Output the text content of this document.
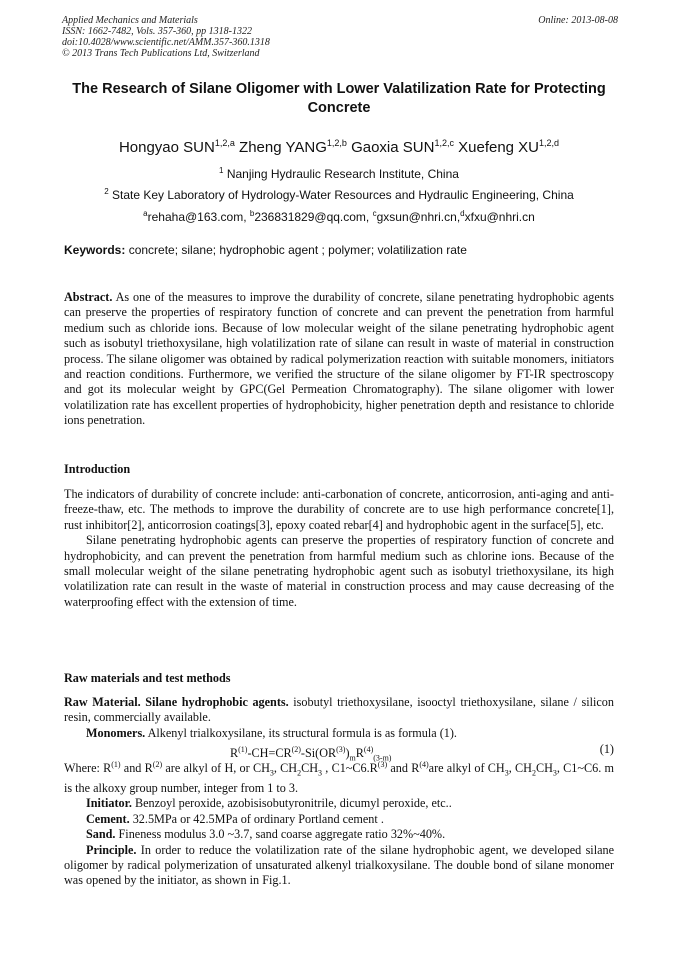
Applied Mechanics and Materials	Online: 2013-08-08
ISSN: 1662-7482, Vols. 357-360, pp 1318-1322
doi:10.4028/www.scientific.net/AMM.357-360.1318
© 2013 Trans Tech Publications Ltd, Switzerland
The Research of Silane Oligomer with Lower Valatilization Rate for Protecting Concrete
Hongyao SUN$^{1,2,a}$ Zheng YANG$^{1,2,b}$ Gaoxia SUN$^{1,2,c}$ Xuefeng XU$^{1,2,d}$
$^1$ Nanjing Hydraulic Research Institute, China
$^2$ State Key Laboratory of Hydrology-Water Resources and Hydraulic Engineering, China
$^a$rehaha@163.com, $^b$236831829@qq.com, $^c$gxsun@nhri.cn,$^d$xfxu@nhri.cn
Keywords: concrete; silane; hydrophobic agent ; polymer; volatilization rate

Abstract. As one of the measures to improve the durability of concrete, silane penetrating hydrophobic agents can preserve the properties of respiratory function of concrete and can prevent the penetration from harmful medium such as chloride ions. Because of low molecular weight of the silane penetrating hydrophobic agent such as isobutyl triethoxysilane, high volatilization rate of silane can result in waste of material in construction process. The silane oligomer was obtained by radical polymerization reaction with suitable monomers, initiators and reaction conditions. Furthermore, we verified the structure of the silane oligomer by FT-IR spectroscopy and got its molecular weight by GPC(Gel Permeation Chromatography). The silane oligomer with lower volatilization rate has excellent properties of hydrophobicity, higher penetration depth and resistance to chloride ions penetration.

Introduction

The indicators of durability of concrete include: anti-carbonation of concrete, anticorrosion, anti-aging and anti-freeze-thaw, etc. The methods to improve the durability of concrete are to use high performance concrete[1], rust inhibitor[2], anticorrosion coatings[3], epoxy coated rebar[4] and hydrophobic agent in the surface[5], etc.

Silane penetrating hydrophobic agents can preserve the properties of respiratory function of concrete and hydrophobicity, and can prevent the penetration from harmful medium such as chlorine ions. Because of the small molecular weight of the silane penetrating hydrophobic agent such as isobutyl triethoxysilane, its high volatilization rate can result in the waste of material in construction process and may cause decreasing of the waterproofing effect with the extension of time.

Raw materials and test methods

Raw Material. Silane hydrophobic agents. isobutyl triethoxysilane, isooctyl triethoxysilane, silane / silicon resin, commercially available.

Monomers. Alkenyl trialkoxysilane, its structural formula is as formula (1).

$R^{(1)}-CH=CR^{(2)}-Si(OR^{(3)})_mR^{(4)}_{(3-m)}$
(1)

Where: $R^{(1)}$ and $R^{(2)}$ are alkyl of H, or $CH_3$, $CH_2CH_3$ , $C1\sim C6.R^{(3)}$ and $R^{(4)}are$ alkyl of $CH_3$, $CH_2CH_3$, C1~C6. m is the alkoxy group number, integer from 1 to 3.

Initiator. Benzoyl peroxide, azobisisobutyronitrile, dicumyl peroxide, etc..

Cement. 32.5MPa or 42.5MPa of ordinary Portland cement .

Sand. Fineness modulus 3.0 ~3.7, sand coarse aggregate ratio 32%~40%.

Principle. In order to reduce the volatilization rate of the silane hydrophobic agent, we developed silane oligomer by radical polymerization of unsaturated alkenyl trialkoxysilane. The double bond of silane monomer was opened by the initiator, as shown in Fig.1.
